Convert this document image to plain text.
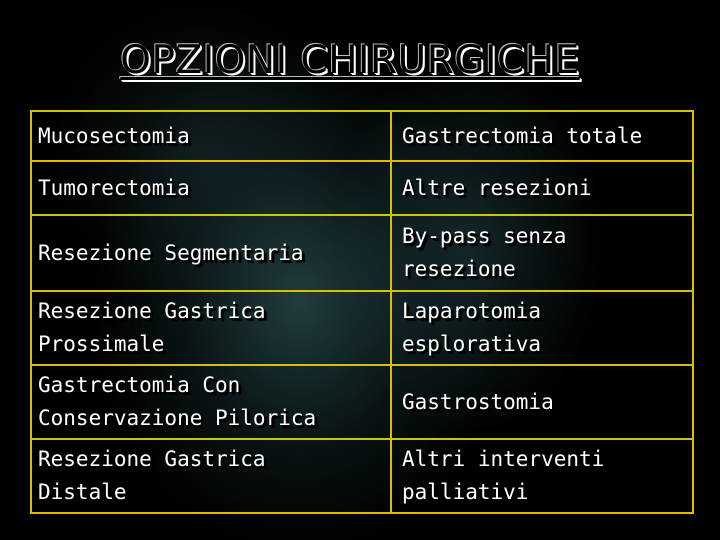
OPZIONI CHIRURGICHE
Mucosectomia	Gastrectomia totale
Tumorectomia	Altre resezioni
Resezione Segmentaria
By-pass senza
resezione
Resezione Gastrica
Prossimale
Laparotomia
esplorativa
Gastrectomia Con
Conservazione Pilorica
Gastrostomia
Resezione Gastrica
Distale
Altri interventi
palliativi
